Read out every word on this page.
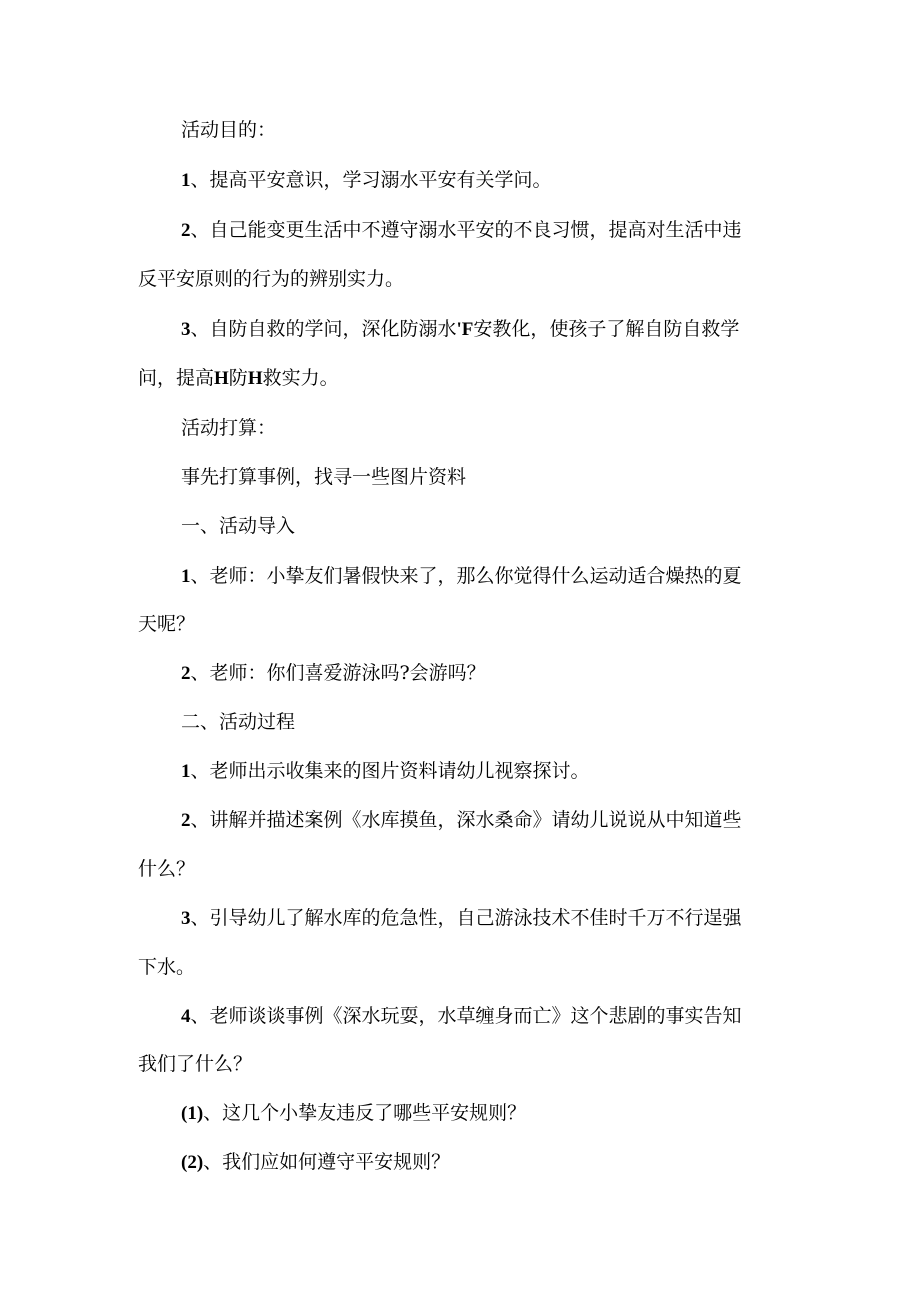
活动目的：
1、提高平安意识，学习溺水平安有关学问。
2、自己能变更生活中不遵守溺水平安的不良习惯，提高对生活中违
反平安原则的行为的辨别实力。
3、自防自救的学问，深化防溺水'F安教化，使孩子了解自防自救学
问，提高H防H救实力。
活动打算：
事先打算事例，找寻一些图片资料
一、活动导入
1、老师：小挚友们暑假快来了，那么你觉得什么运动适合燥热的夏
天呢？
2、老师：你们喜爱游泳吗?会游吗？
二、活动过程
1、老师出示收集来的图片资料请幼儿视察探讨。
2、讲解并描述案例《水库摸鱼，深水桑命》请幼儿说说从中知道些
什么？
3、引导幼儿了解水库的危急性，自己游泳技术不佳时千万不行逞强
下水。
4、老师谈谈事例《深水玩耍，水草缠身而亡》这个悲剧的事实告知
我们了什么？
(1)、这几个小挚友违反了哪些平安规则？
(2)、我们应如何遵守平安规则？
